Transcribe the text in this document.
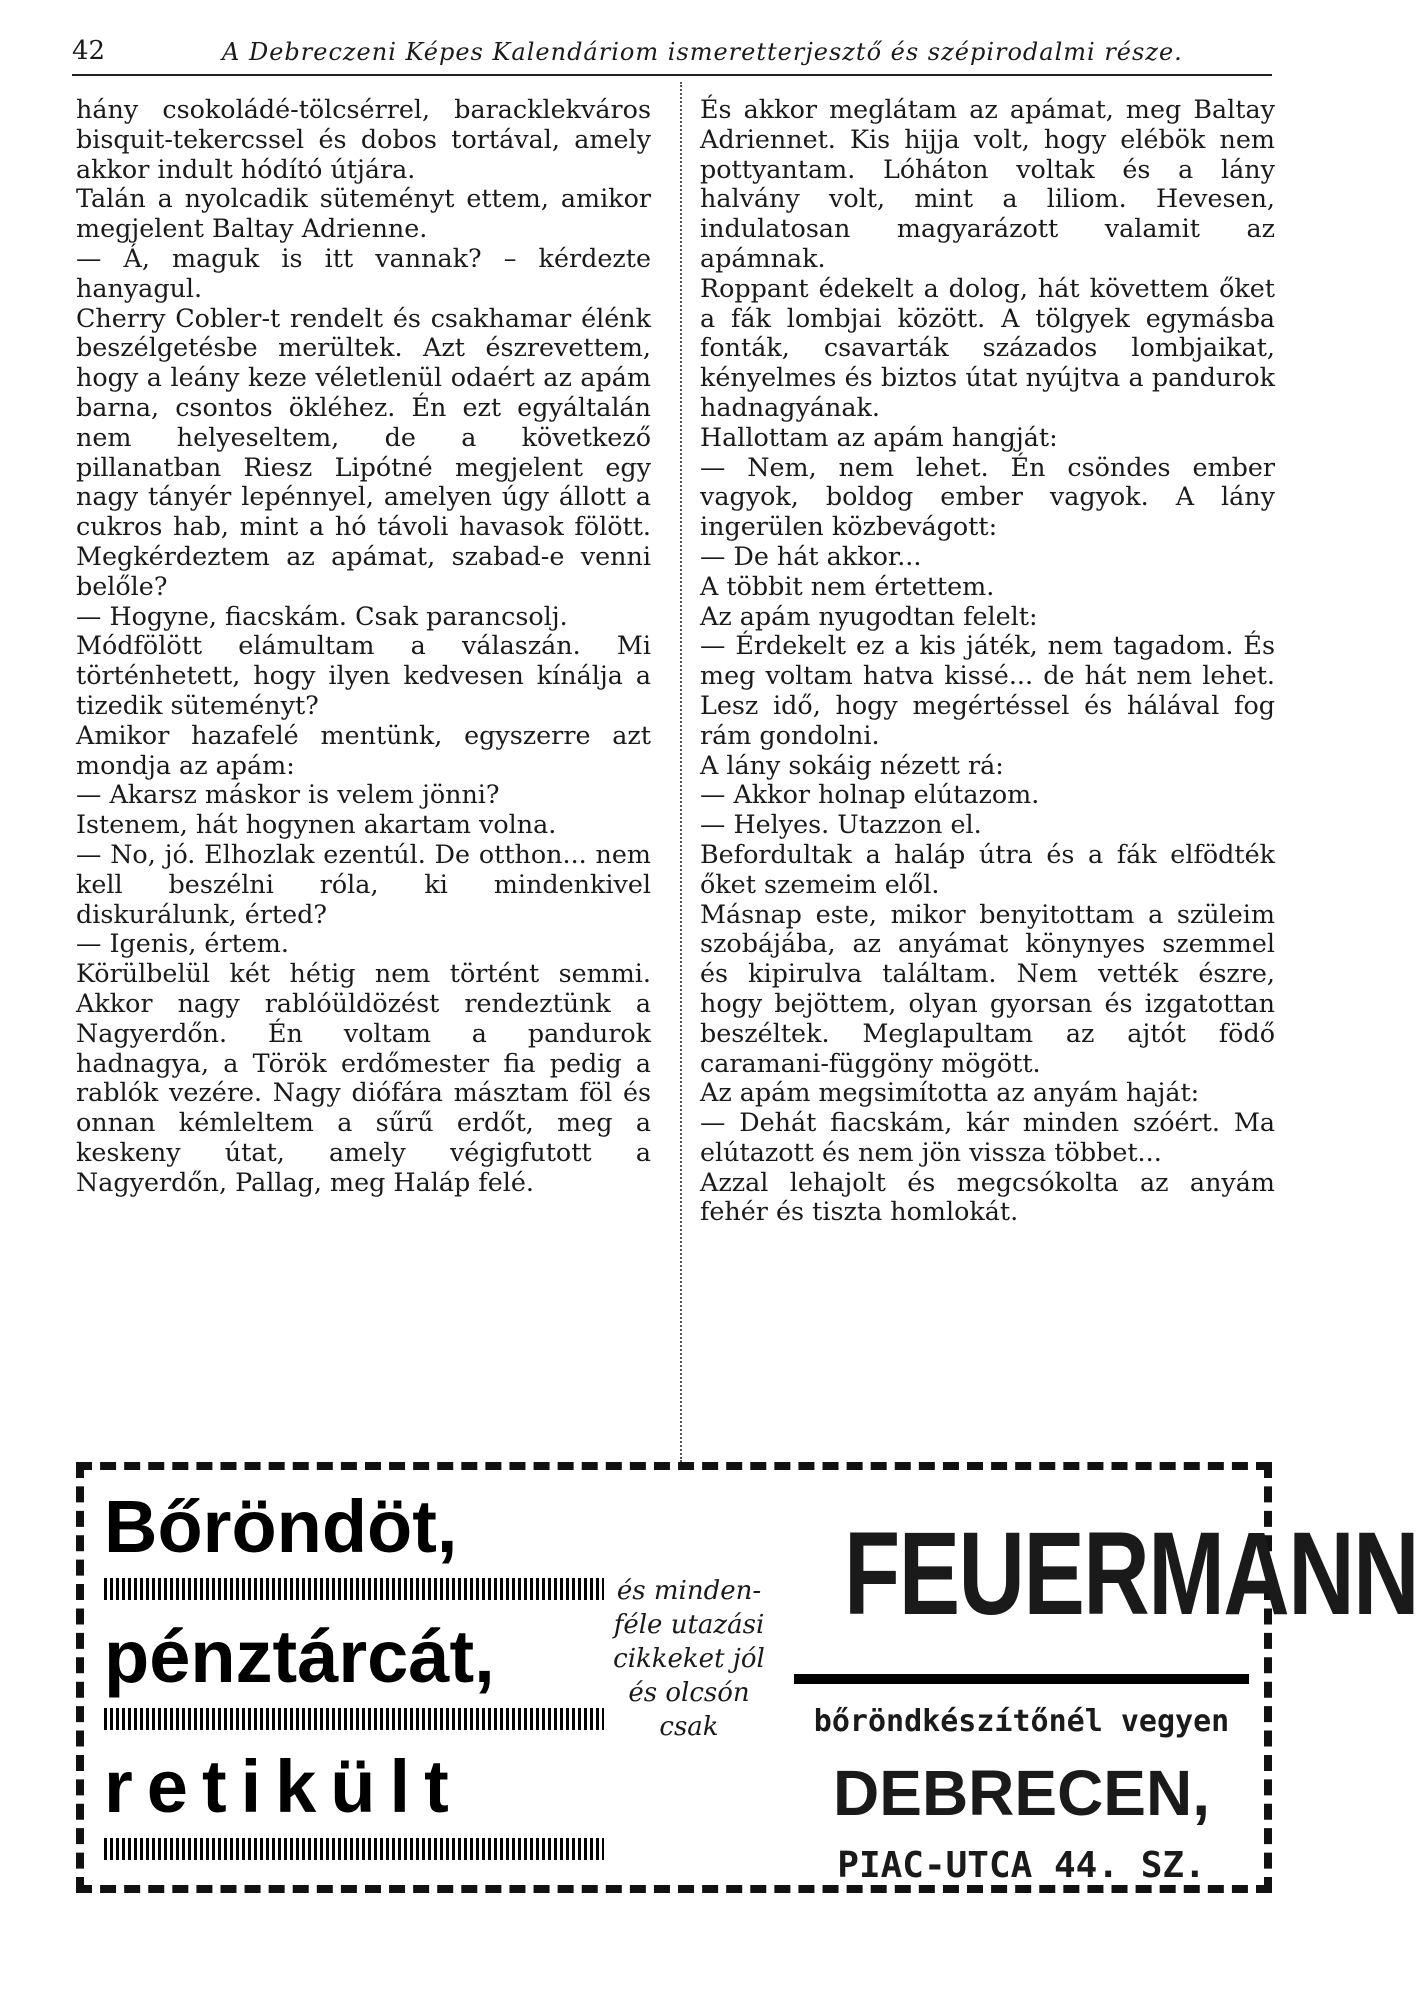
42	A Debreczeni Képes Kalendáriom ismeretterjesztő és szépirodalmi része.

hány csokoládé-tölcsérrel, baracklekváros bisquit-tekercssel és dobos tortával, amely akkor indult hódító útjára.

Talán a nyolcadik süteményt ettem, amikor megjelent Baltay Adrienne.

— Á, maguk is itt vannak? – kérdezte hanyagul.

Cherry Cobler-t rendelt és csakhamar élénk beszélgetésbe merültek. Azt észrevettem, hogy a leány keze véletlenül odaért az apám barna, csontos ökléhez. Én ezt egyáltalán nem helyeseltem, de a következő pillanatban Riesz Lipótné megjelent egy nagy tányér lepénnyel, amelyen úgy állott a cukros hab, mint a hó távoli havasok fölött. Megkérdeztem az apámat, szabad-e venni belőle?

— Hogyne, fiacskám. Csak parancsolj.

Módfölött elámultam a válaszán. Mi történhetett, hogy ilyen kedvesen kínálja a tizedik süteményt?

Amikor hazafelé mentünk, egyszerre azt mondja az apám:

— Akarsz máskor is velem jönni?

Istenem, hát hogynen akartam volna.

— No, jó. Elhozlak ezentúl. De otthon... nem kell beszélni róla, ki mindenkivel diskurálunk, érted?

— Igenis, értem.

Körülbelül két hétig nem történt semmi. Akkor nagy rablóüldözést rendeztünk a Nagyerdőn. Én voltam a pandurok hadnagya, a Török erdőmester fia pedig a rablók vezére. Nagy diófára másztam föl és onnan kémleltem a sűrű erdőt, meg a keskeny útat, amely végigfutott a Nagyerdőn, Pallag, meg Haláp felé.

És akkor meglátam az apámat, meg Baltay Adriennet. Kis hijja volt, hogy elébök nem pottyantam. Lóháton voltak és a lány halvány volt, mint a liliom. Hevesen, indulatosan magyarázott valamit az apámnak.

Roppant édekelt a dolog, hát követtem őket a fák lombjai között. A tölgyek egymásba fonták, csavarták százados lombjaikat, kényelmes és biztos útat nyújtva a pandurok hadnagyának.

Hallottam az apám hangját:

— Nem, nem lehet. Én csöndes ember vagyok, boldog ember vagyok. A lány ingerülen közbevágott:

— De hát akkor...

A többit nem értettem.

Az apám nyugodtan felelt:

— Érdekelt ez a kis játék, nem tagadom. És meg voltam hatva kissé... de hát nem lehet. Lesz idő, hogy megértéssel és hálával fog rám gondolni.

A lány sokáig nézett rá:

— Akkor holnap elútazom.

— Helyes. Utazzon el.

Befordultak a haláp útra és a fák elfödték őket szemeim elől.

Másnap este, mikor benyitottam a szüleim szobájába, az anyámat könynyes szemmel és kipirulva találtam. Nem vették észre, hogy bejöttem, olyan gyorsan és izgatottan beszéltek. Meglapultam az ajtót födő caramani-függöny mögött.

Az apám megsimította az anyám haját:

— Dehát fiacskám, kár minden szóért. Ma elútazott és nem jön vissza többet...

Azzal lehajolt és megcsókolta az anyám fehér és tiszta homlokát.

Bőröndöt,
pénztárcát,
retikült
és minden-
féle utazási
cikkeket jól
és olcsón
csak
FEUERMANN
bőröndkészítőnél vegyen
DEBRECEN,
PIAC-UTCA 44. SZ.
